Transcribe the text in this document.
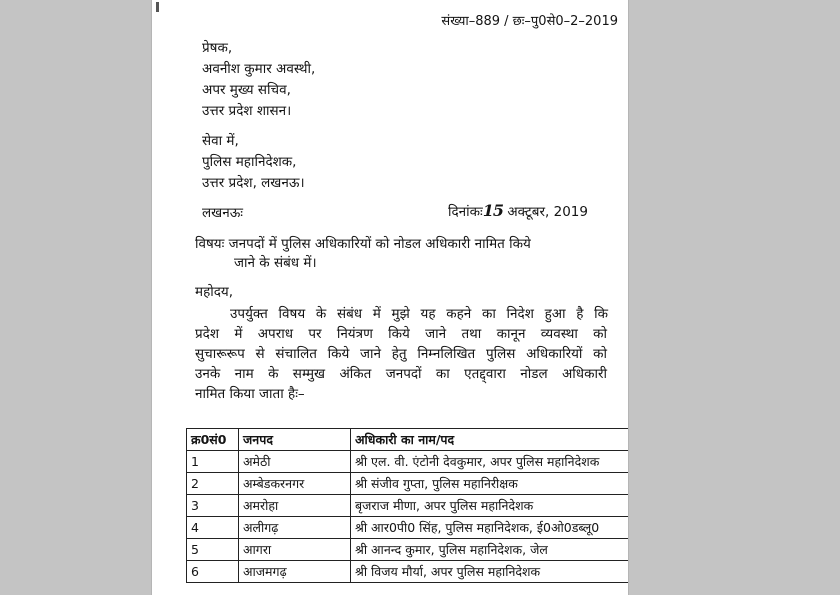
संख्या–889 / छः–पु0से0–2–2019
प्रेषक,
अवनीश कुमार अवस्थी,
अपर मुख्य सचिव,
उत्तर प्रदेश शासन।
सेवा में,
पुलिस महानिदेशक,
उत्तर प्रदेश, लखनऊ।
लखनऊः	दिनांकः15 अक्टूबर, 2019
विषयः जनपदों में पुलिस अधिकारियों को नोडल अधिकारी नामित किये
जाने के संबंध में।
महोदय,
उपर्युक्त विषय के संबंध में मुझे यह कहने का निदेश हुआ है कि
प्रदेश में अपराध पर नियंत्रण किये जाने तथा कानून व्यवस्था को
सुचारूरूप से संचालित किये जाने हेतु निम्नलिखित पुलिस अधिकारियों को
उनके नाम के सम्मुख अंकित जनपदों का एतद्द्वारा नोडल अधिकारी
नामित किया जाता हैः–
क्र0सं0	जनपद	अधिकारी का नाम/पद
1	अमेठी	श्री एल. वी. एंटोनी देवकुमार, अपर पुलिस महानिदेशक
2	अम्बेडकरनगर	श्री संजीव गुप्ता, पुलिस महानिरीक्षक
3	अमरोहा	बृजराज मीणा, अपर पुलिस महानिदेशक
4	अलीगढ़	श्री आर0पी0 सिंह, पुलिस महानिदेशक, ई0ओ0डब्लू0
5	आगरा	श्री आनन्द कुमार, पुलिस महानिदेशक, जेल
6	आजमगढ़	श्री विजय मौर्या, अपर पुलिस महानिदेशक
